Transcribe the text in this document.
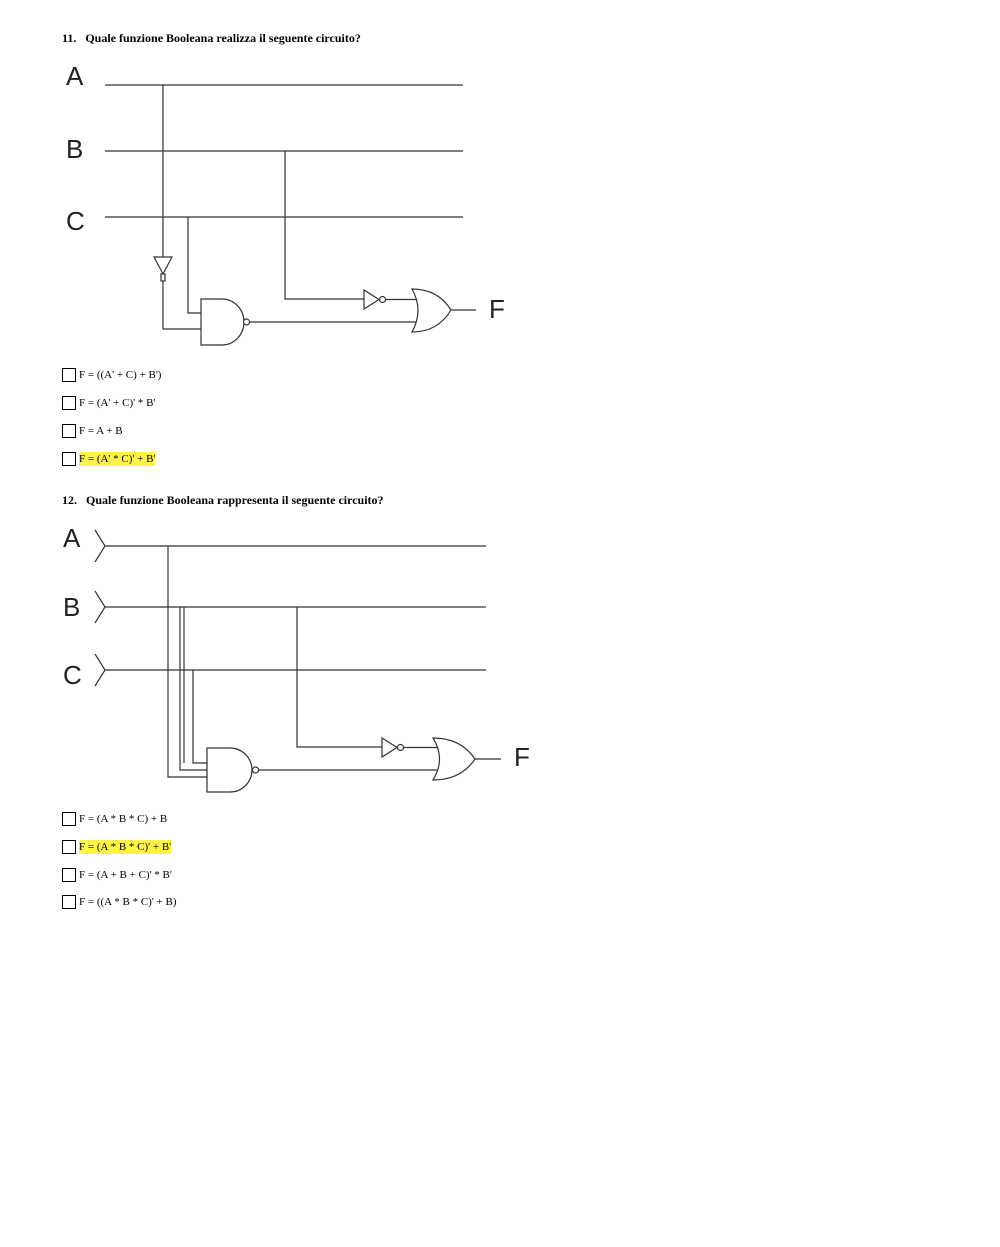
11. Quale funzione Booleana realizza il seguente circuito?
A
B
C
F
F = ((A' + C) + B')
F = (A' + C)' * B'
F = A + B
F = (A' * C)' + B'
12. Quale funzione Booleana rappresenta il seguente circuito?
A
B
C
F
F = (A * B * C) + B
F = (A * B * C)' + B'
F = (A + B + C)' * B'
F = ((A * B * C)' + B)
